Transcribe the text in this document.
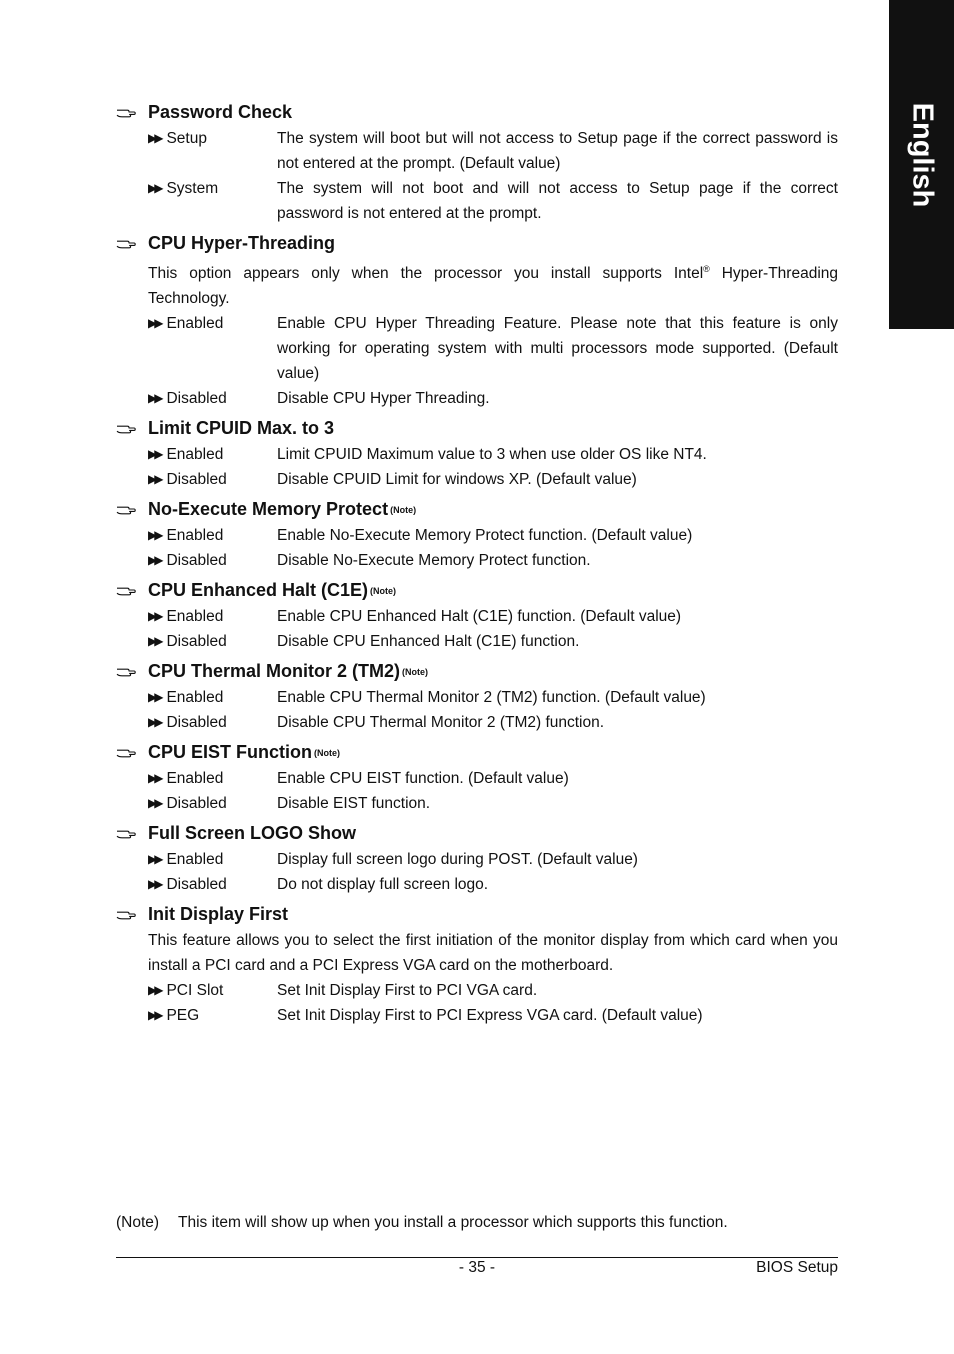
English
Password Check
▶▶ Setup	The system will boot but will not access to Setup page if the correct password is not entered at the prompt. (Default value)
▶▶ System	The system will not boot and will not access to Setup page if the correct password is not entered at the prompt.
CPU Hyper-Threading
This option appears only when the processor you install supports Intel® Hyper-Threading Technology.
▶▶ Enabled	Enable CPU Hyper Threading Feature. Please note that this feature is only working for operating system with multi processors mode supported. (Default value)
▶▶ Disabled	Disable CPU Hyper Threading.
Limit CPUID Max. to 3
▶▶ Enabled	Limit CPUID Maximum value to 3 when use older OS like NT4.
▶▶ Disabled	Disable CPUID Limit for windows XP. (Default value)
No-Execute Memory Protect (Note)
▶▶ Enabled	Enable No-Execute Memory Protect function. (Default value)
▶▶ Disabled	Disable No-Execute Memory Protect function.
CPU Enhanced Halt (C1E) (Note)
▶▶ Enabled	Enable CPU Enhanced Halt (C1E) function. (Default value)
▶▶ Disabled	Disable CPU Enhanced Halt (C1E) function.
CPU Thermal Monitor 2 (TM2) (Note)
▶▶ Enabled	Enable CPU Thermal Monitor 2 (TM2) function. (Default value)
▶▶ Disabled	Disable CPU Thermal Monitor 2 (TM2) function.
CPU EIST Function (Note)
▶▶ Enabled	Enable CPU EIST function. (Default value)
▶▶ Disabled	Disable EIST function.
Full Screen LOGO Show
▶▶ Enabled	Display full screen logo during POST. (Default value)
▶▶ Disabled	Do not display full screen logo.
Init Display First
This feature allows you to select the first initiation of the monitor display from which card when you install a PCI card and a PCI Express VGA card on the motherboard.
▶▶ PCI Slot	Set Init Display First to PCI VGA card.
▶▶ PEG	Set Init Display First to PCI Express VGA card. (Default value)
(Note)	This item will show up when you install a processor which supports this function.
- 35 -	BIOS Setup
